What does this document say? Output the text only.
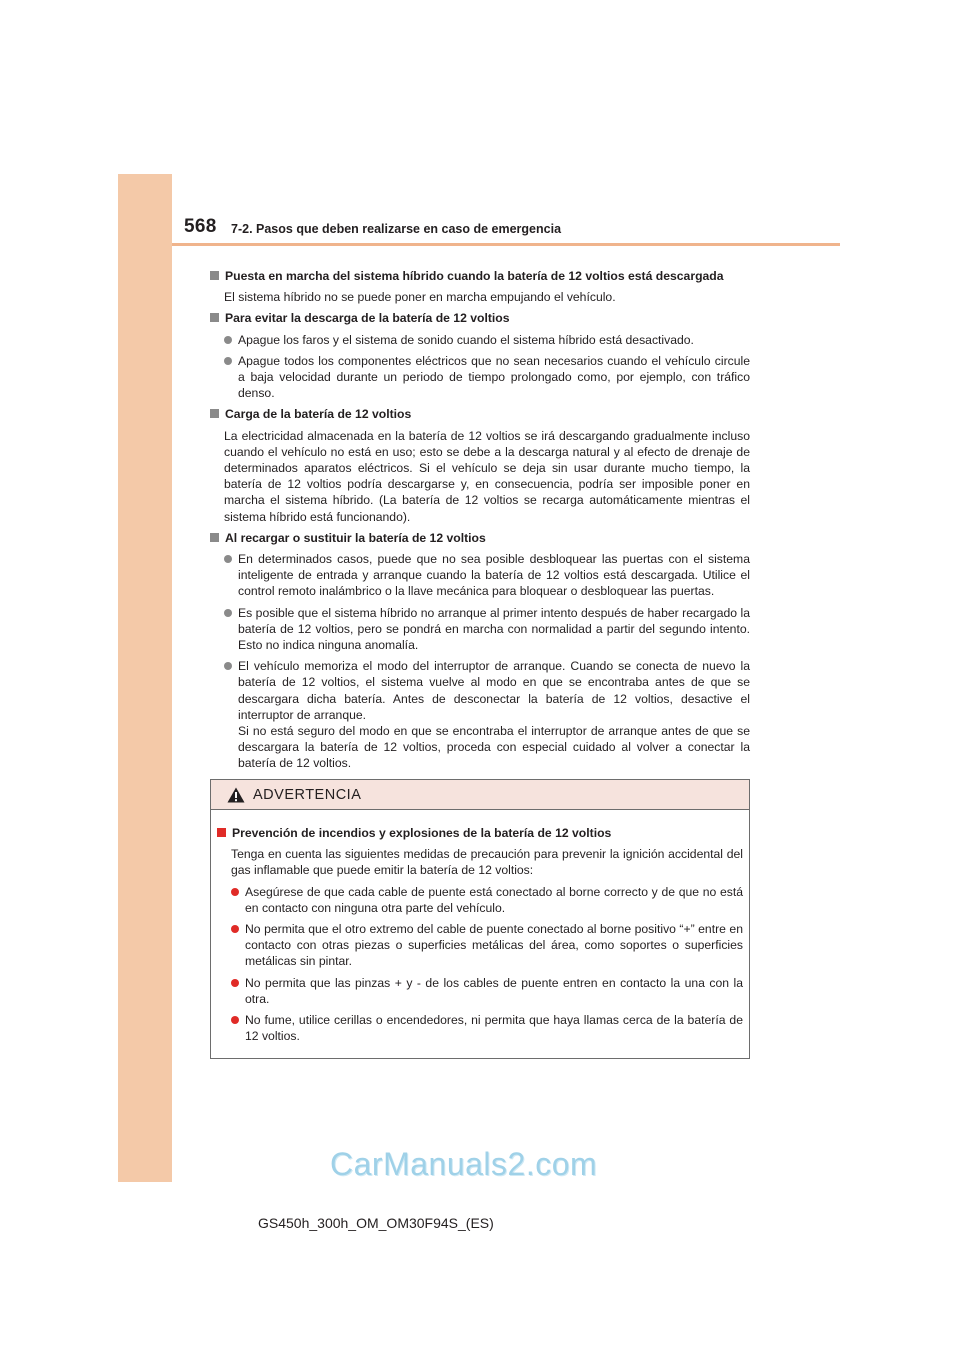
568 7-2. Pasos que deben realizarse en caso de emergencia
Puesta en marcha del sistema híbrido cuando la batería de 12 voltios está descargada
El sistema híbrido no se puede poner en marcha empujando el vehículo.
Para evitar la descarga de la batería de 12 voltios
Apague los faros y el sistema de sonido cuando el sistema híbrido está desactivado.
Apague todos los componentes eléctricos que no sean necesarios cuando el vehículo circule a baja velocidad durante un periodo de tiempo prolongado como, por ejemplo, con tráfico denso.
Carga de la batería de 12 voltios
La electricidad almacenada en la batería de 12 voltios se irá descargando gradualmente incluso cuando el vehículo no está en uso; esto se debe a la descarga natural y al efecto de drenaje de determinados aparatos eléctricos. Si el vehículo se deja sin usar durante mucho tiempo, la batería de 12 voltios podría descargarse y, en consecuencia, podría ser imposible poner en marcha el sistema híbrido. (La batería de 12 voltios se recarga automáticamente mientras el sistema híbrido está funcionando).
Al recargar o sustituir la batería de 12 voltios
En determinados casos, puede que no sea posible desbloquear las puertas con el sistema inteligente de entrada y arranque cuando la batería de 12 voltios está descargada. Utilice el control remoto inalámbrico o la llave mecánica para bloquear o desbloquear las puertas.
Es posible que el sistema híbrido no arranque al primer intento después de haber recargado la batería de 12 voltios, pero se pondrá en marcha con normalidad a partir del segundo intento. Esto no indica ninguna anomalía.
El vehículo memoriza el modo del interruptor de arranque. Cuando se conecta de nuevo la batería de 12 voltios, el sistema vuelve al modo en que se encontraba antes de que se descargara dicha batería. Antes de desconectar la batería de 12 voltios, desactive el interruptor de arranque.
Si no está seguro del modo en que se encontraba el interruptor de arranque antes de que se descargara la batería de 12 voltios, proceda con especial cuidado al volver a conectar la batería de 12 voltios.
ADVERTENCIA
Prevención de incendios y explosiones de la batería de 12 voltios
Tenga en cuenta las siguientes medidas de precaución para prevenir la ignición accidental del gas inflamable que puede emitir la batería de 12 voltios:
Asegúrese de que cada cable de puente está conectado al borne correcto y de que no está en contacto con ninguna otra parte del vehículo.
No permita que el otro extremo del cable de puente conectado al borne positivo “+” entre en contacto con otras piezas o superficies metálicas del área, como soportes o superficies metálicas sin pintar.
No permita que las pinzas + y - de los cables de puente entren en contacto la una con la otra.
No fume, utilice cerillas o encendedores, ni permita que haya llamas cerca de la batería de 12 voltios.
CarManuals2.com
GS450h_300h_OM_OM30F94S_(ES)
